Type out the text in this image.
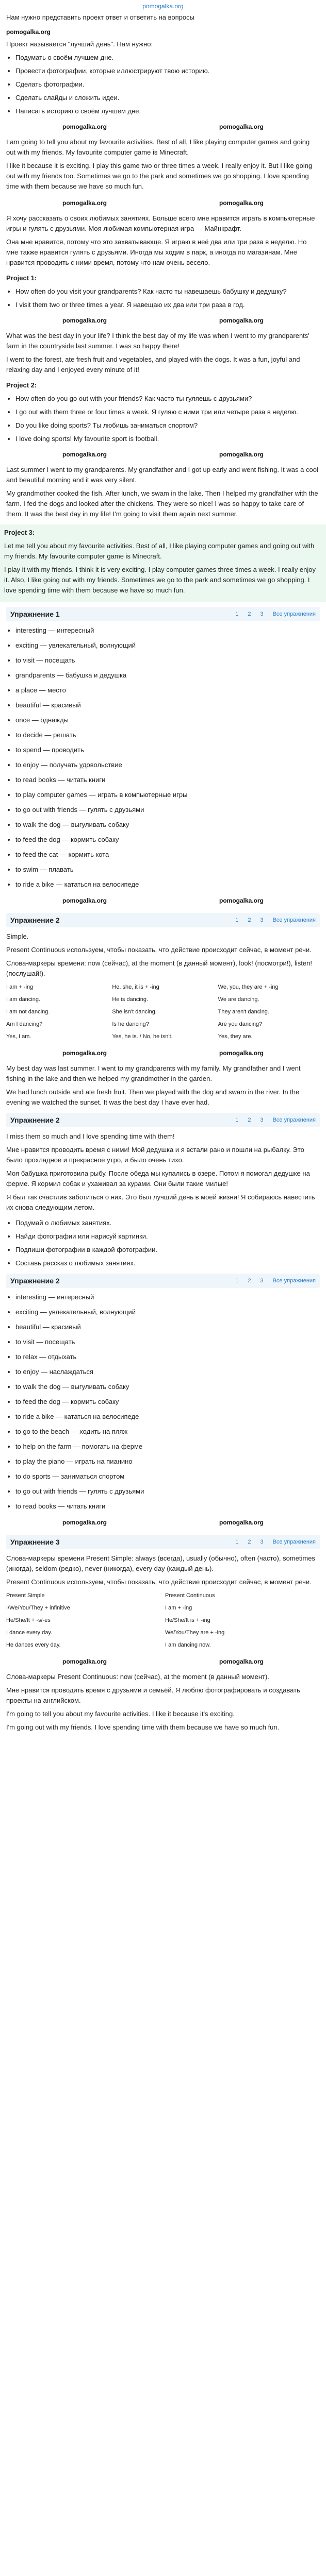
pomogalka.org

Нам нужно представить проект ответ и ответить на вопросы

pomogalka.org

Проект называется "лучший день". Нам нужно:

• Подумать о своём лучшем дне.
• Провести фотографии, которые иллюстрируют твою историю.
• Сделать фотографии.
• Сделать слайды и сложить идеи.
• Написать историю о своём лучшем дне.
pomogalka.org	pomogalka.org

I am going to tell you about my favourite activities. Best of all, I like playing computer games and going out with my friends. My favourite computer game is Minecraft.

I like it because it is exciting. I play this game two or three times a week. I really enjoy it. But I like going out with my friends too. Sometimes we go to the park and sometimes we go shopping. I love spending time with them because we have so much fun.

pomogalka.org	pomogalka.org

Я хочу рассказать о своих любимых занятиях. Больше всего мне нравится играть в компьютерные игры и гулять с друзьями. Моя любимая компьютерная игра — Майнкрафт.

Она мне нравится, потому что это захватывающе. Я играю в неё два или три раза в неделю. Но мне также нравится гулять с друзьями. Иногда мы ходим в парк, а иногда по магазинам. Мне нравится проводить с ними время, потому что нам очень весело.

Project 1:

• How often do you visit your grandparents? Как часто ты навещаешь бабушку и дедушку?
• I visit them two or three times a year. Я навещаю их два или три раза в год.
pomogalka.org	pomogalka.org

What was the best day in your life? I think the best day of my life was when I went to my grandparents' farm in the countryside last summer. I was so happy there!

I went to the forest, ate fresh fruit and vegetables, and played with the dogs. It was a fun, joyful and relaxing day and I enjoyed every minute of it!

Project 2:

• How often do you go out with your friends? Как часто ты гуляешь с друзьями?
• I go out with them three or four times a week. Я гуляю с ними три или четыре раза в неделю.
• Do you like doing sports? Ты любишь заниматься спортом?
• I love doing sports! My favourite sport is football.
pomogalka.org	pomogalka.org

Last summer I went to my grandparents. My grandfather and I got up early and went fishing. It was a cool and beautiful morning and it was very silent.

My grandmother cooked the fish. After lunch, we swam in the lake. Then I helped my grandfather with the farm. I fed the dogs and looked after the chickens. They were so nice! I was so happy to take care of them. It was the best day in my life! I'm going to visit them again next summer.

Project 3:

Let me tell you about my favourite activities. Best of all, I like playing computer games and going out with my friends. My favourite computer game is Minecraft.

I play it with my friends. I think it is very exciting. I play computer games three times a week. I really enjoy it. Also, I like going out with my friends. Sometimes we go to the park and sometimes we go shopping. I love spending time with them because we have so much fun.

Упражнение 1	1 2 3 Все упражнения
• interesting — интересный
• exciting — увлекательный, волнующий
• to visit — посещать
• grandparents — бабушка и дедушка
• a place — место
• beautiful — красивый
• once — однажды
• to decide — решать
• to spend — проводить
• to enjoy — получать удовольствие
• to read books — читать книги
• to play computer games — играть в компьютерные игры
• to go out with friends — гулять с друзьями
• to walk the dog — выгуливать собаку
• to feed the dog — кормить собаку
• to feed the cat — кормить кота
• to swim — плавать
• to ride a bike — кататься на велосипеде
pomogalka.org	pomogalka.org
Упражнение 2	1 2 3 Все упражнения

Simple.

Present Continuous используем, чтобы показать, что действие происходит сейчас, в момент речи.

Слова-маркеры времени: now (сейчас), at the moment (в данный момент), look! (посмотри!), listen! (послушай!).

I am + -ing	He, she, it is + -ing	We, you, they are + -ing
I am dancing.	He is dancing.	We are dancing.
I am not dancing.	She isn't dancing.	They aren't dancing.
Am I dancing?	Is he dancing?	Are you dancing?
Yes, I am.	Yes, he is. / No, he isn't.	Yes, they are.
pomogalka.org	pomogalka.org

My best day was last summer. I went to my grandparents with my family. My grandfather and I went fishing in the lake and then we helped my grandmother in the garden.

We had lunch outside and ate fresh fruit. Then we played with the dog and swam in the river. In the evening we watched the sunset. It was the best day I have ever had.

Упражнение 2	1 2 3 Все упражнения

I miss them so much and I love spending time with them!

Мне нравится проводить время с ними! Мой дедушка и я встали рано и пошли на рыбалку. Это было прохладное и прекрасное утро, и было очень тихо.

Моя бабушка приготовила рыбу. После обеда мы купались в озере. Потом я помогал дедушке на ферме. Я кормил собак и ухаживал за курами. Они были такие милые!

Я был так счастлив заботиться о них. Это был лучший день в моей жизни! Я собираюсь навестить их снова следующим летом.

• Подумай о любимых занятиях.
• Найди фотографии или нарисуй картинки.
• Подпиши фотографии в каждой фотографии.
• Составь рассказ о любимых занятиях.
Упражнение 2	1 2 3 Все упражнения
• interesting — интересный
• exciting — увлекательный, волнующий
• beautiful — красивый
• to visit — посещать
• to relax — отдыхать
• to enjoy — наслаждаться
• to walk the dog — выгуливать собаку
• to feed the dog — кормить собаку
• to ride a bike — кататься на велосипеде
• to go to the beach — ходить на пляж
• to help on the farm — помогать на ферме
• to play the piano — играть на пианино
• to do sports — заниматься спортом
• to go out with friends — гулять с друзьями
• to read books — читать книги
pomogalka.org	pomogalka.org
Упражнение 3	1 2 3 Все упражнения

Слова-маркеры времени Present Simple: always (всегда), usually (обычно), often (часто), sometimes (иногда), seldom (редко), never (никогда), every day (каждый день).

Present Continuous используем, чтобы показать, что действие происходит сейчас, в момент речи.

Present Simple	Present Continuous
I/We/You/They + infinitive	I am + -ing
He/She/It + -s/-es	He/She/It is + -ing
I dance every day.	We/You/They are + -ing
He dances every day.	I am dancing now.
pomogalka.org	pomogalka.org

Слова-маркеры Present Continuous: now (сейчас), at the moment (в данный момент).

Мне нравится проводить время с друзьями и семьёй. Я люблю фотографировать и создавать проекты на английском.

I'm going to tell you about my favourite activities. I like it because it's exciting.

I'm going out with my friends. I love spending time with them because we have so much fun.
